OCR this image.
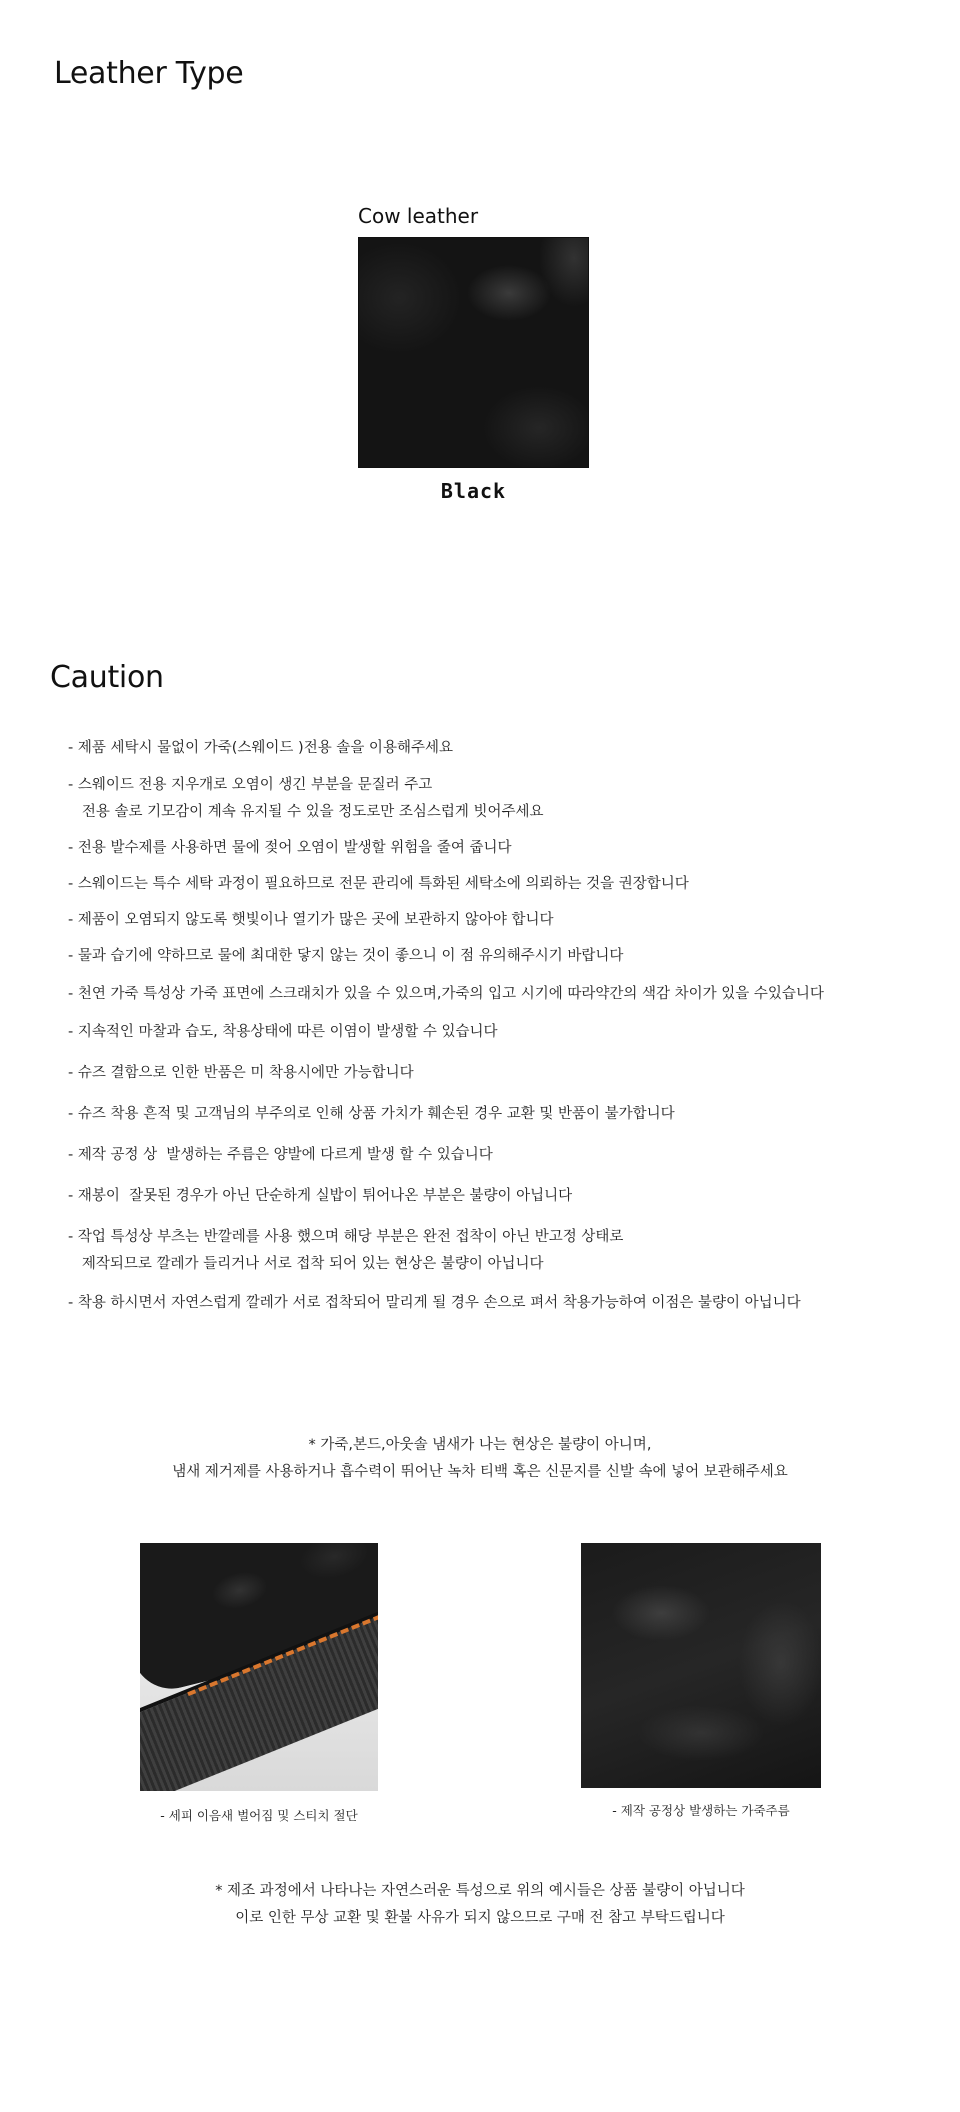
Leather Type
Cow leather
Black
Caution

- 제품 세탁시 물없이 가죽(스웨이드 )전용 솔을 이용해주세요

- 스웨이드 전용 지우개로 오염이 생긴 부분을 문질러 주고
전용 솔로 기모감이 계속 유지될 수 있을 정도로만 조심스럽게 빗어주세요

- 전용 발수제를 사용하면 물에 젖어 오염이 발생할 위험을 줄여 줍니다

- 스웨이드는 특수 세탁 과정이 필요하므로 전문 관리에 특화된 세탁소에 의뢰하는 것을 권장합니다

- 제품이 오염되지 않도록 햇빛이나 열기가 많은 곳에 보관하지 않아야 합니다

- 물과 습기에 약하므로 물에 최대한 닿지 않는 것이 좋으니 이 점 유의해주시기 바랍니다

- 천연 가죽 특성상 가죽 표면에 스크래치가 있을 수 있으며,가죽의 입고 시기에 따라약간의 색감 차이가 있을 수있습니다

- 지속적인 마찰과 습도, 착용상태에 따른 이염이 발생할 수 있습니다

- 슈즈 결함으로 인한 반품은 미 착용시에만 가능합니다

- 슈즈 착용 흔적 및 고객님의 부주의로 인해 상품 가치가 훼손된 경우 교환 및 반품이 불가합니다

- 제작 공정 상  발생하는 주름은 양발에 다르게 발생 할 수 있습니다

- 재봉이  잘못된 경우가 아닌 단순하게 실밥이 튀어나온 부분은 불량이 아닙니다

- 작업 특성상 부츠는 반깔레를 사용 했으며 해당 부분은 완전 접착이 아닌 반고정 상태로
제작되므로 깔레가 들리거나 서로 접착 되어 있는 현상은 불량이 아닙니다

- 착용 하시면서 자연스럽게 깔레가 서로 접착되어 말리게 될 경우 손으로 펴서 착용가능하여 이점은 불량이 아닙니다

* 가죽,본드,아웃솔 냄새가 나는 현상은 불량이 아니며,
냄새 제거제를 사용하거나 흡수력이 뛰어난 녹차 티백 혹은 신문지를 신발 속에 넣어 보관해주세요

- 세피 이음새 벌어짐 및 스티치 절단	- 제작 공정상 발생하는 가죽주름

* 제조 과정에서 나타나는 자연스러운 특성으로 위의 예시들은 상품 불량이 아닙니다
이로 인한 무상 교환 및 환불 사유가 되지 않으므로 구매 전 참고 부탁드립니다
